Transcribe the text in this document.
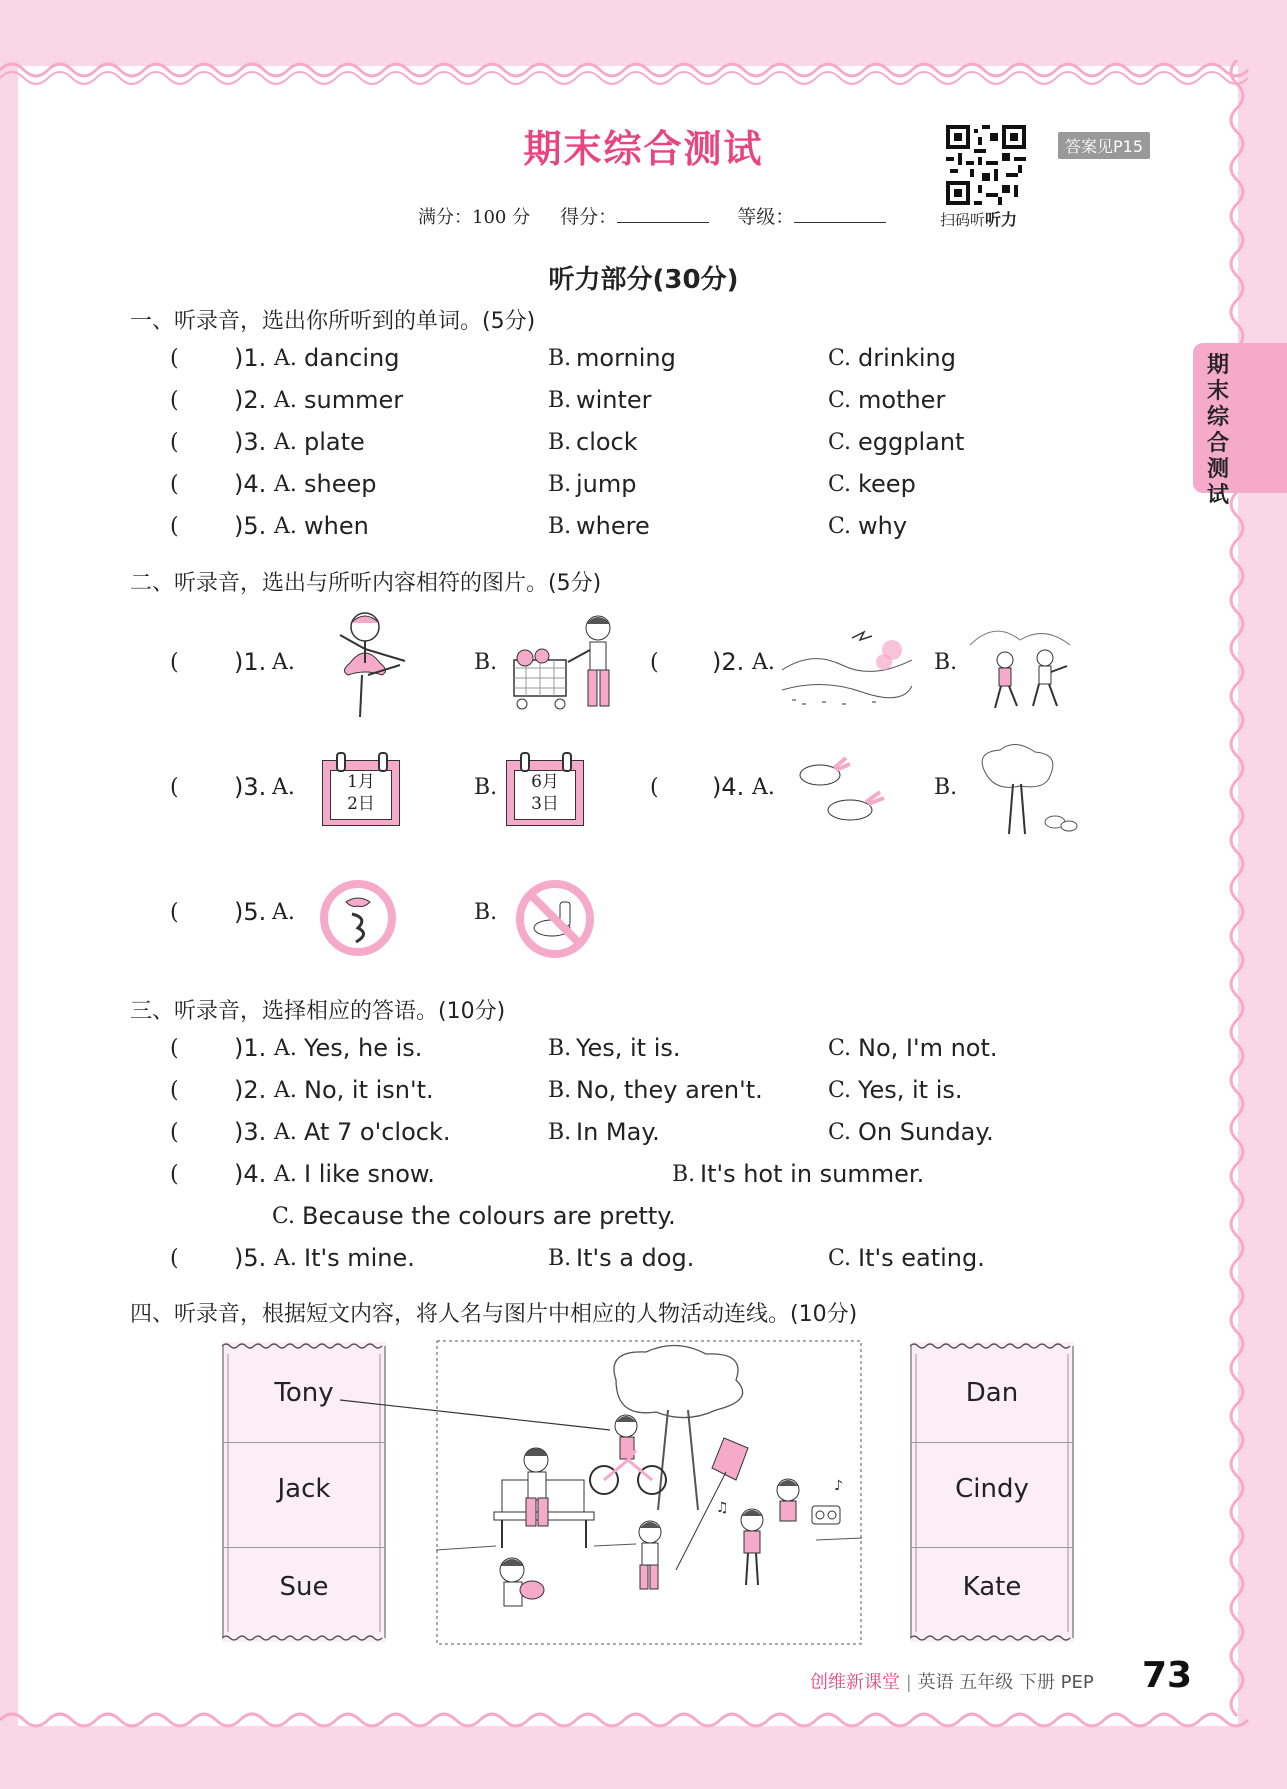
期末综合测试
扫码听听力
答案见P15
满分：100 分 得分：	等级：
听力部分(30分)
期末综合测试
一、听录音，选出你所听到的单词。(5分)
( )1. A. dancing	B. morning	C. drinking
( )2. A. summer	B. winter	C. mother
( )3. A. plate	B. clock	C. eggplant
( )4. A. sheep	B. jump	C. keep
( )5. A. when	B. where	C. why
二、听录音，选出与所听内容相符的图片。(5分)
( )1. A.	B.	( )2. A.	B.
( )3. A.	1月
2日
B.	6月
3日
( )4. A.	B.
( )5. A.	B.
三、听录音，选择相应的答语。(10分)
( )1. A. Yes, he is.	B. Yes, it is.	C. No, I'm not.
( )2. A. No, it isn't.	B. No, they aren't.	C. Yes, it is.
( )3. A. At 7 o'clock.	B. In May.	C. On Sunday.
( )4. A. I like snow.	B. It's hot in summer.
C. Because the colours are pretty.
( )5. A. It's mine.	B. It's a dog.	C. It's eating.
四、听录音，根据短文内容，将人名与图片中相应的人物活动连线。(10分)
Tony
Jack
Sue
Dan
Cindy
Kate
♪
♫
创维新课堂 | 英语 五年级 下册 PEP 73
